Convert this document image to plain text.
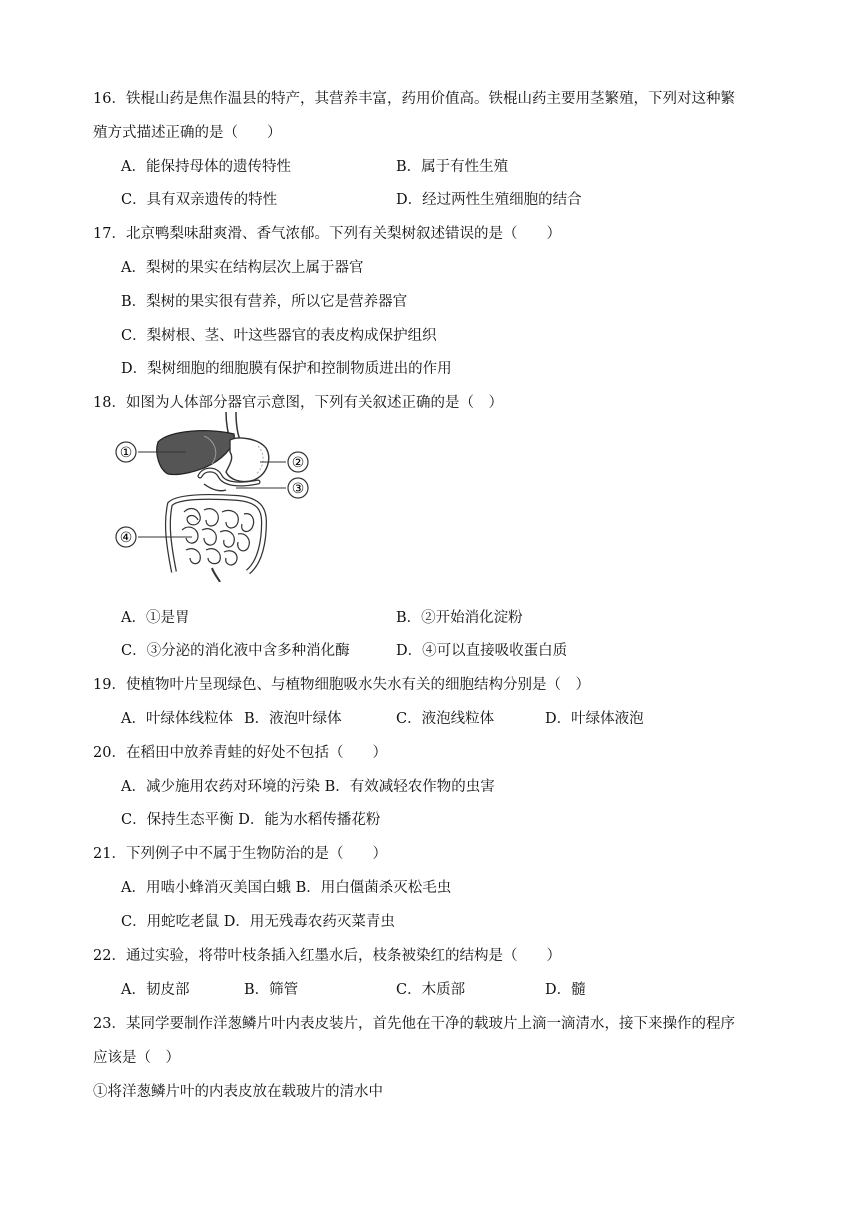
16．铁棍山药是焦作温县的特产，其营养丰富，药用价值高。铁棍山药主要用茎繁殖，下列对这种繁
殖方式描述正确的是（　　）
A．能保持母体的遗传特性	B．属于有性生殖
C．具有双亲遗传的特性	D．经过两性生殖细胞的结合
17．北京鸭梨味甜爽滑、香气浓郁。下列有关梨树叙述错误的是（　　）
A．梨树的果实在结构层次上属于器官
B．梨树的果实很有营养，所以它是营养器官
C．梨树根、茎、叶这些器官的表皮构成保护组织
D．梨树细胞的细胞膜有保护和控制物质进出的作用
18．如图为人体部分器官示意图，下列有关叙述正确的是（　）
①
②
③
④
A．①是胃	B．②开始消化淀粉
C．③分泌的消化液中含多种消化酶	D．④可以直接吸收蛋白质
19．使植物叶片呈现绿色、与植物细胞吸水失水有关的细胞结构分别是（　）
A．叶绿体线粒体 B．液泡叶绿体	C．液泡线粒体	D．叶绿体液泡
20．在稻田中放养青蛙的好处不包括（　　）
A．减少施用农药对环境的污染 B．有效减轻农作物的虫害
C．保持生态平衡 D．能为水稻传播花粉
21．下列例子中不属于生物防治的是（　　）
A．用啮小蜂消灭美国白蛾 B．用白僵菌杀灭松毛虫
C．用蛇吃老鼠 D．用无残毒农药灭菜青虫
22．通过实验，将带叶枝条插入红墨水后，枝条被染红的结构是（　　）
A．韧皮部	B．筛管	C．木质部	D．髓
23．某同学要制作洋葱鳞片叶内表皮装片，首先他在干净的载玻片上滴一滴清水，接下来操作的程序
应该是（　）
①将洋葱鳞片叶的内表皮放在载玻片的清水中
